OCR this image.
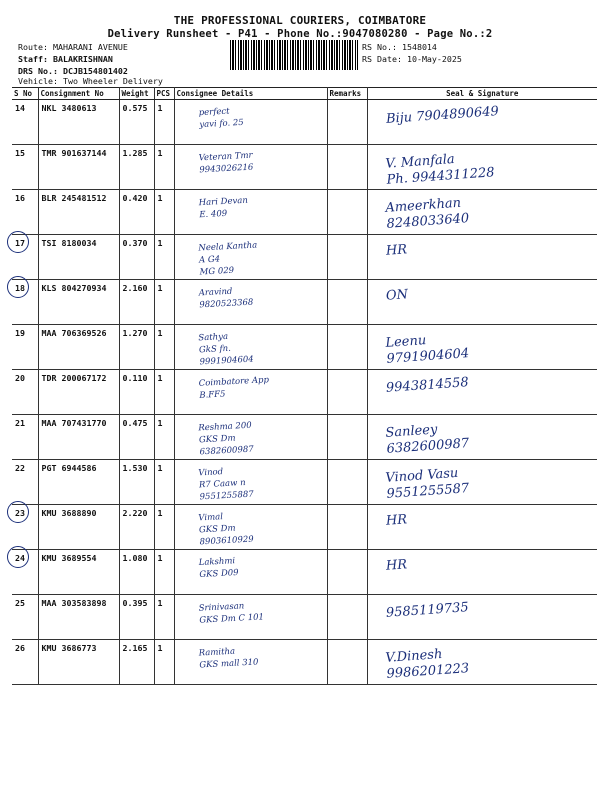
THE PROFESSIONAL COURIERS, COIMBATORE
Delivery Runsheet - P41 - Phone No.:9047080280 - Page No.:2
Route: MAHARANI AVENUE
Staff: BALAKRISHNAN
DRS No.: DCJB154801402
Vehicle: Two Wheeler Delivery
RS No.: 1548014
RS Date: 10-May-2025
S No	Consignment No	Weight	PCS	Consignee Details	Remarks	Seal & Signature
14	NKL 3480613	0.575	1	perfect
yavi fo. 25		Biju 7904890649

15	TMR 901637144	1.285	1	Veteran Tmr
9943026216		V. Manfala
Ph. 9944311228

16	BLR 245481512	0.420	1	Hari Devan
E. 409		Ameerkhan
8248033640

17	TSI 8180034	0.370	1	Neela Kantha
A G4
MG 029		HR

18	KLS 804270934	2.160	1	Aravind
9820523368		ON

19	MAA 706369526	1.270	1	Sathya
GkS fn.
9991904604		Leenu
9791904604

20	TDR 200067172	0.110	1	Coimbatore App
B.FF5		9943814558

21	MAA 707431770	0.475	1	Reshma 200
GKS Dm
6382600987		Sanleey
6382600987

22	PGT 6944586	1.530	1	Vinod
R7 Caaw n
9551255887		Vinod Vasu
9551255587

23	KMU 3688890	2.220	1	Vimal
GKS Dm
8903610929		HR

24	KMU 3689554	1.080	1	Lakshmi
GKS D09		HR

25	MAA 303583898	0.395	1	Srinivasan
GKS Dm C 101		9585119735

26	KMU 3686773	2.165	1	Ramitha
GKS mall 310		V.Dinesh
9986201223
